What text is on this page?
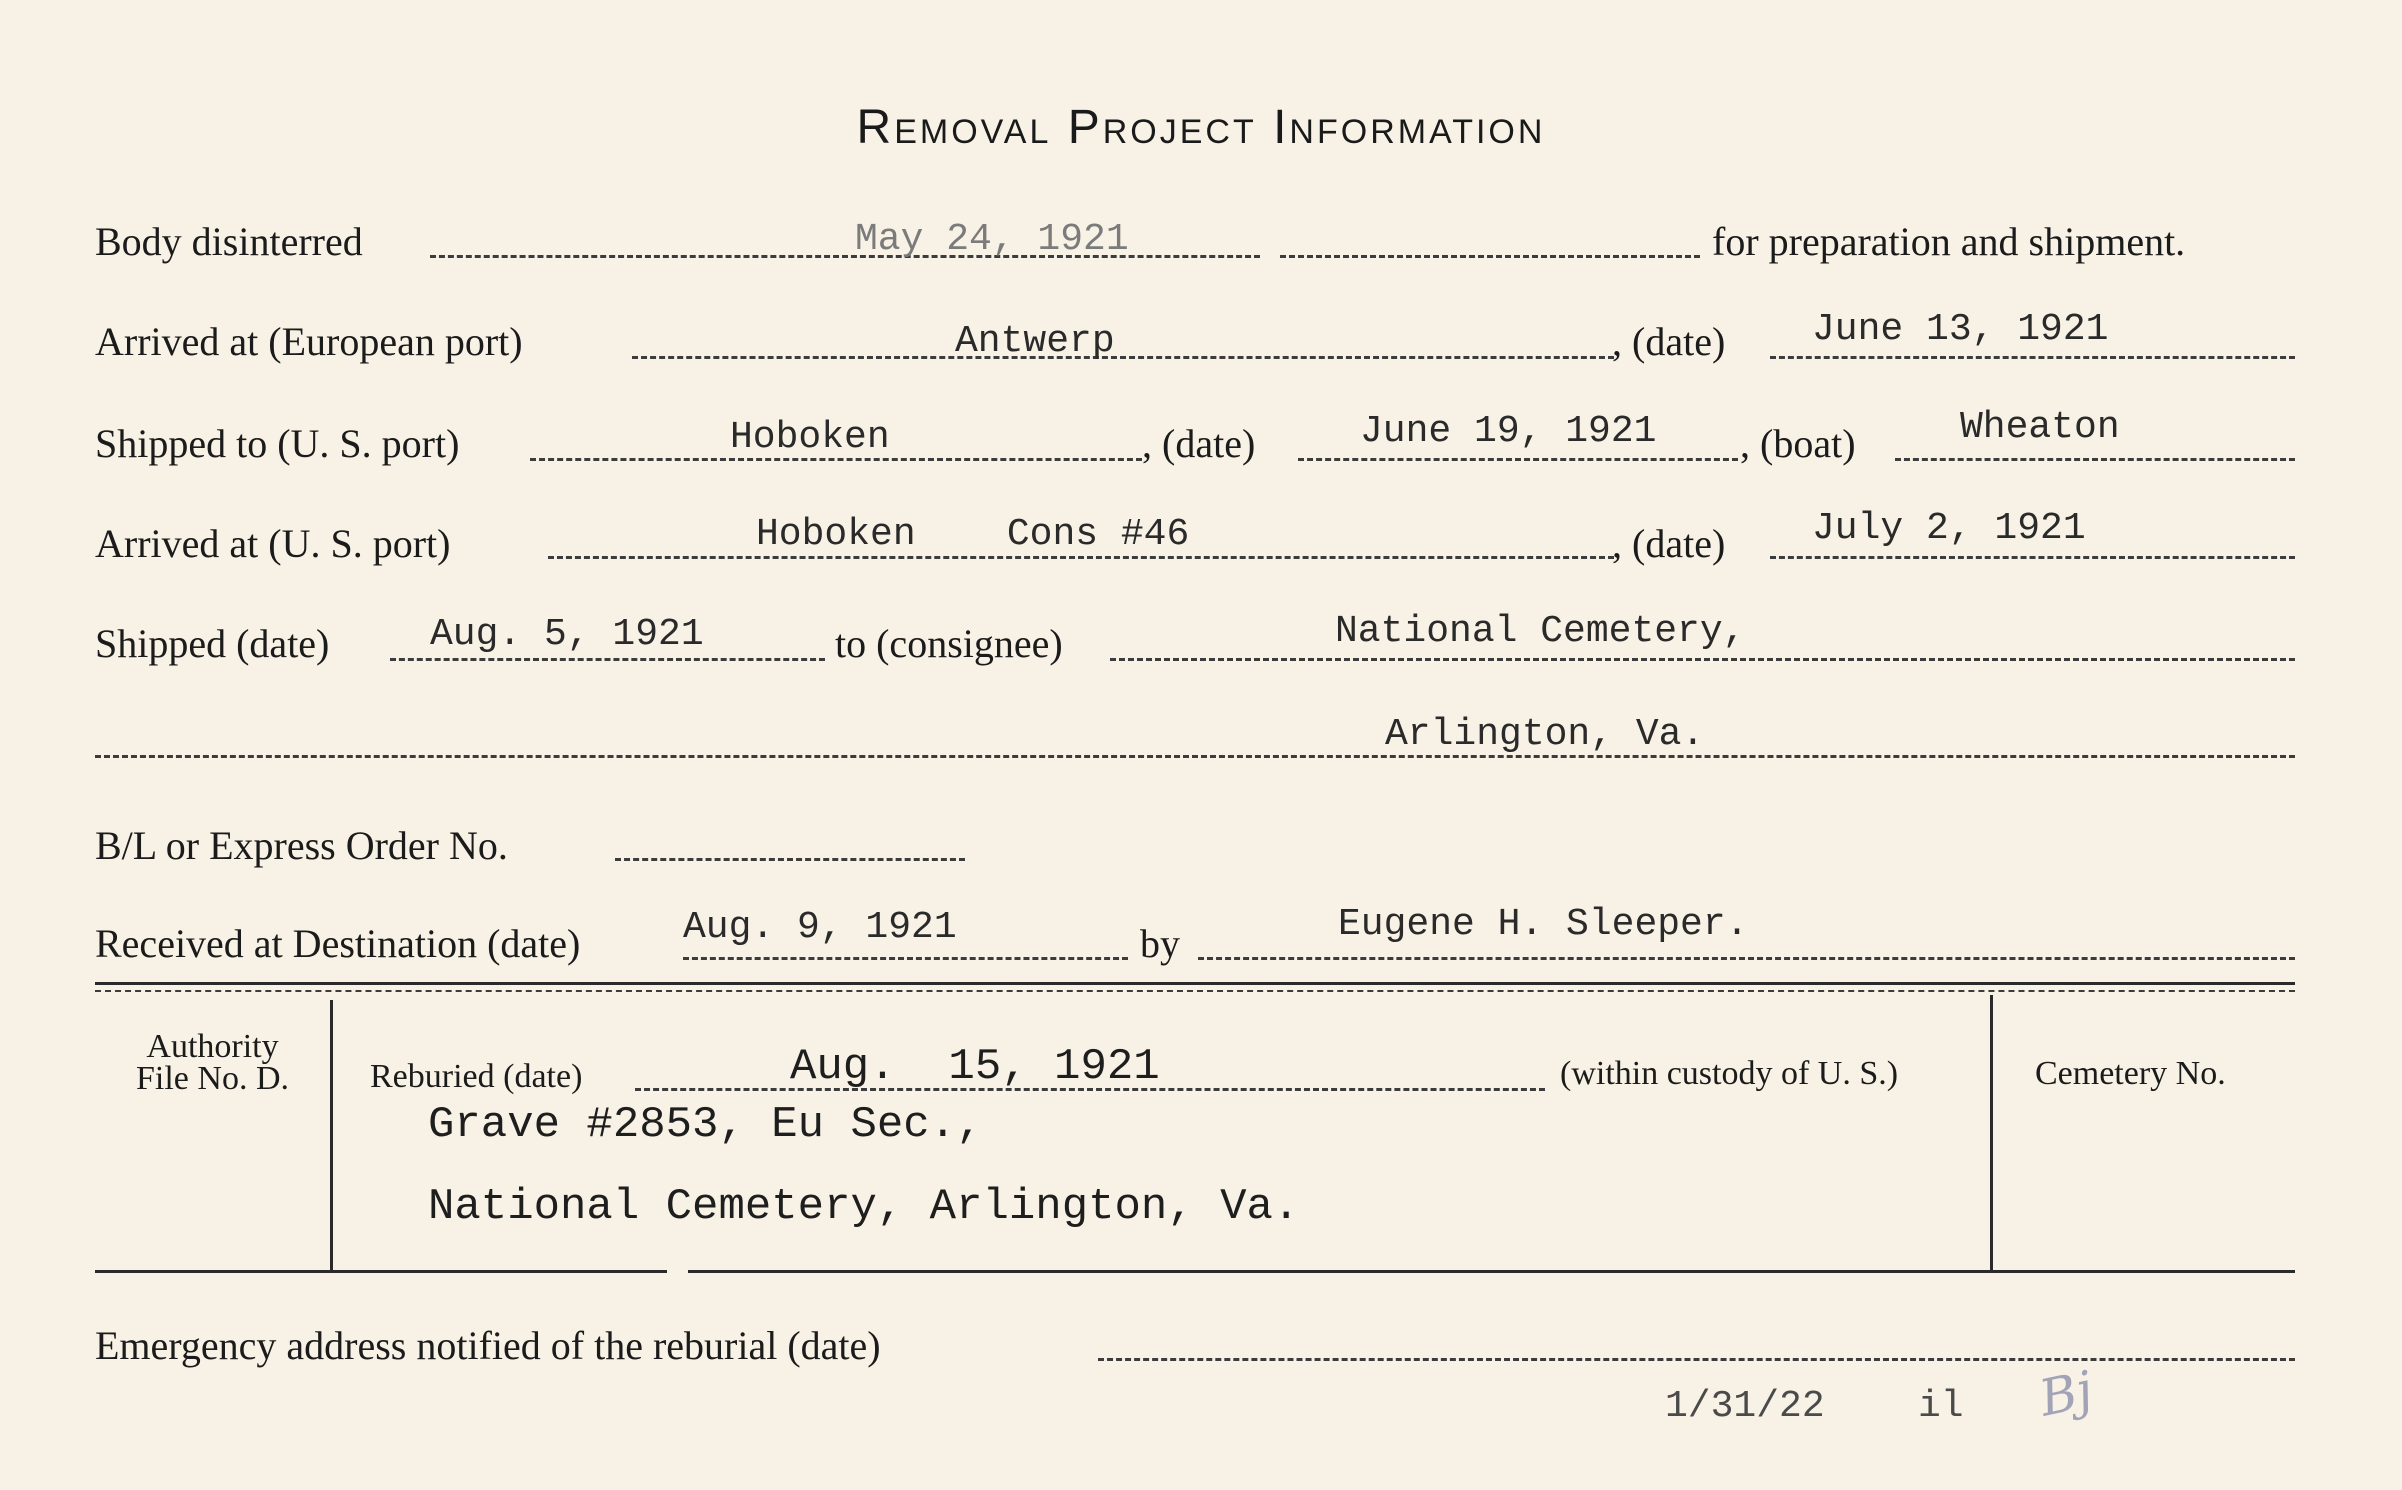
Removal Project Information
Body disinterred	May 24, 1921	for preparation and shipment.
Arrived at (European port)	Antwerp	, (date) June 13, 1921
Shipped to (U. S. port)	Hoboken	, (date)	June 19, 1921 , (boat)	Wheaton
Arrived at (U. S. port)	Hoboken    Cons #46	, (date) July 2, 1921
Shipped (date)	Aug. 5, 1921	to (consignee)	National Cemetery,
Arlington, Va.
B/L or Express Order No.
Received at Destination (date)	Aug. 9, 1921	by	Eugene H. Sleeper.
Authority
File No. D.	Reburied (date)	Aug.  15, 1921	(within custody of U. S.)
Grave #2853, Eu Sec.,
National Cemetery, Arlington, Va.
Cemetery No.
Emergency address notified of the reburial (date)
1/31/22 il Bj
